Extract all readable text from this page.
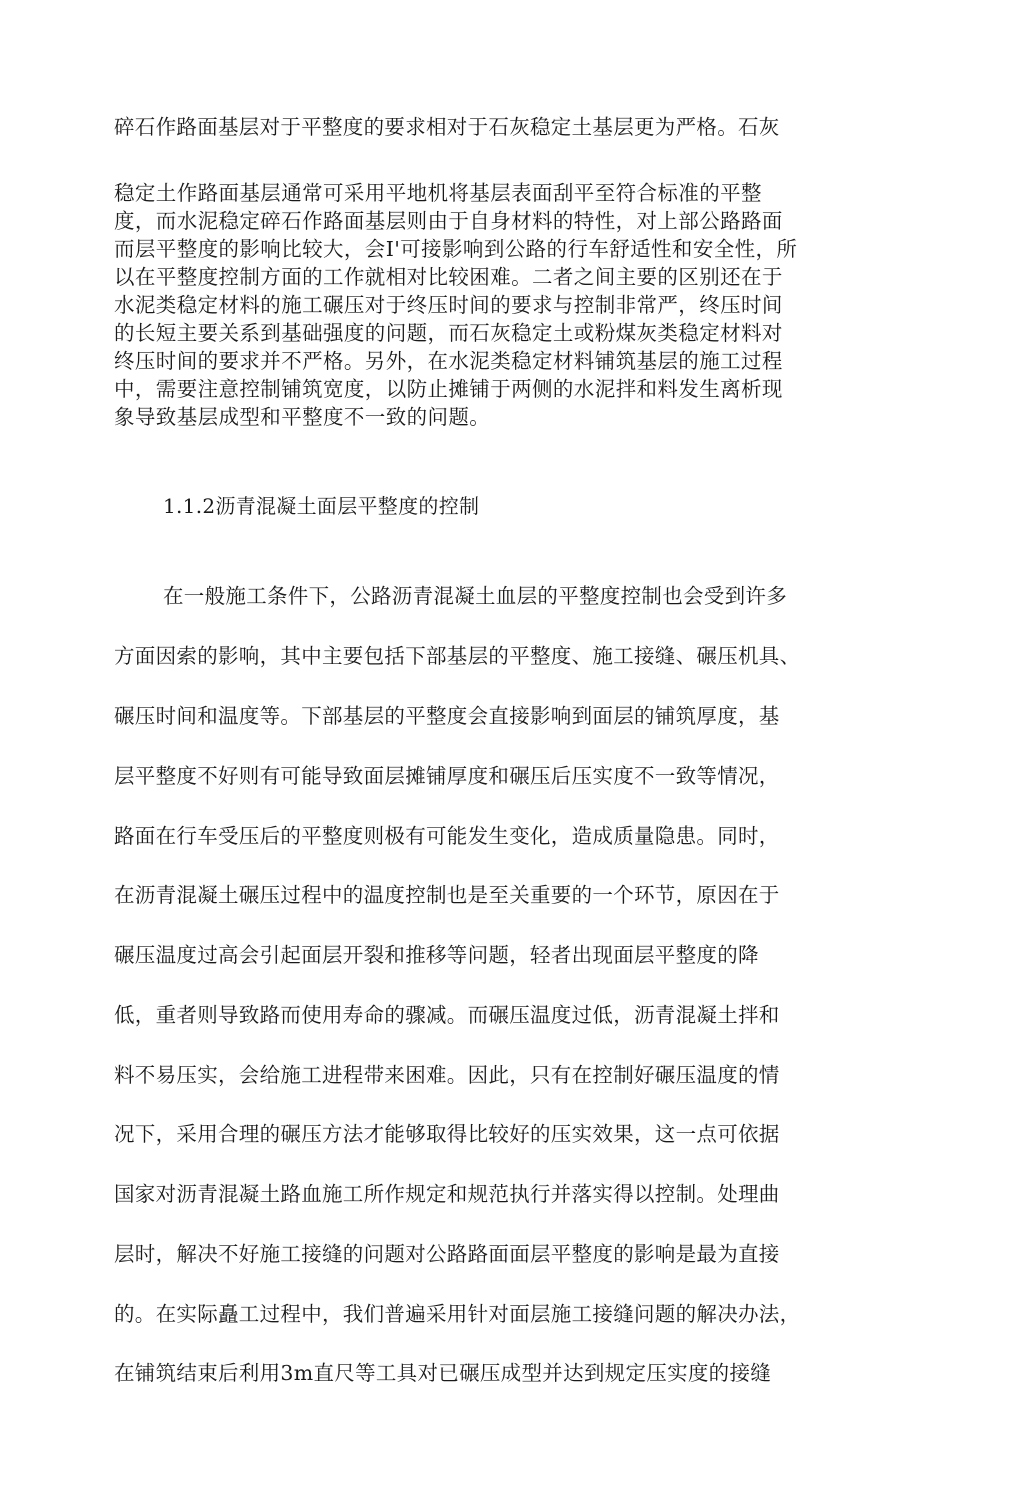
碎石作路面基层对于平整度的要求相对于石灰稳定土基层更为严格。石灰
稳定土作路面基层通常可采用平地机将基层表面刮平至符合标准的平整
度，而水泥稳定碎石作路面基层则由于自身材料的特性，对上部公路路面
而层平整度的影响比较大，会I'可接影响到公路的行车舒适性和安全性，所
以在平整度控制方面的工作就相对比较困难。二者之间主要的区别还在于
水泥类稳定材料的施工碾压对于终压时间的要求与控制非常严，终压时间
的长短主要关系到基础强度的问题，而石灰稳定土或粉煤灰类稳定材料对
终压时间的要求并不严格。另外，在水泥类稳定材料铺筑基层的施工过程
中，需要注意控制铺筑宽度，以防止摊铺于两侧的水泥拌和料发生离析现
象导致基层成型和平整度不一致的问题。
1.1.2沥青混凝土面层平整度的控制
在一般施工条件下，公路沥青混凝土血层的平整度控制也会受到许多
方面因索的影响，其中主要包括下部基层的平整度、施工接缝、碾压机具、
碾压时间和温度等。下部基层的平整度会直接影响到面层的铺筑厚度，基
层平整度不好则有可能导致面层摊铺厚度和碾压后压实度不一致等情况，
路面在行车受压后的平整度则极有可能发生变化，造成质量隐患。同时，
在沥青混凝土碾压过程中的温度控制也是至关重要的一个环节，原因在于
碾压温度过高会引起面层开裂和推移等问题，轻者出现面层平整度的降
低，重者则导致路而使用寿命的骤减。而碾压温度过低，沥青混凝土拌和
料不易压实，会给施工进程带来困难。因此，只有在控制好碾压温度的情
况下，采用合理的碾压方法才能够取得比较好的压实效果，这一点可依据
国家对沥青混凝土路血施工所作规定和规范执行并落实得以控制。处理曲
层时，解决不好施工接缝的问题对公路路面面层平整度的影响是最为直接
的。在实际矗工过程中，我们普遍采用针对面层施工接缝问题的解决办法，
在铺筑结束后利用3m直尺等工具对已碾压成型并达到规定压实度的接缝
